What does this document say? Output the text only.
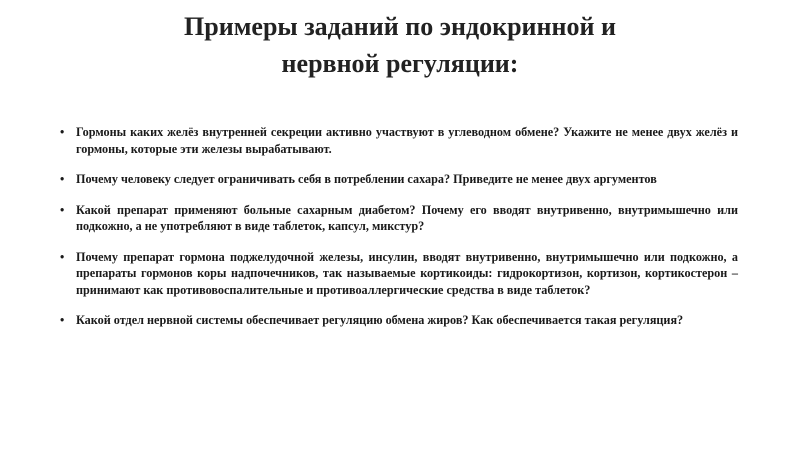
Примеры заданий по эндокринной и
нервной регуляции:
• Гормоны каких желёз внутренней секреции активно участвуют в углеводном обмене? Укажите не менее двух желёз и гормоны, которые эти железы вырабатывают.
• Почему человеку следует ограничивать себя в потреблении сахара? Приведите не менее двух аргументов
• Какой препарат применяют больные сахарным диабетом? Почему его вводят внутривенно, внутримышечно или подкожно, а не употребляют в виде таблеток, капсул, микстур?
• Почему препарат гормона поджелудочной железы, инсулин, вводят внутривенно, внутримышечно или подкожно, а препараты гормонов коры надпочечников, так называемые кортикоиды: гидрокортизон, кортизон, кортикостерон – принимают как противовоспалительные и противоаллергические средства в виде таблеток?
• Какой отдел нервной системы обеспечивает регуляцию обмена жиров? Как обеспечивается такая регуляция?
